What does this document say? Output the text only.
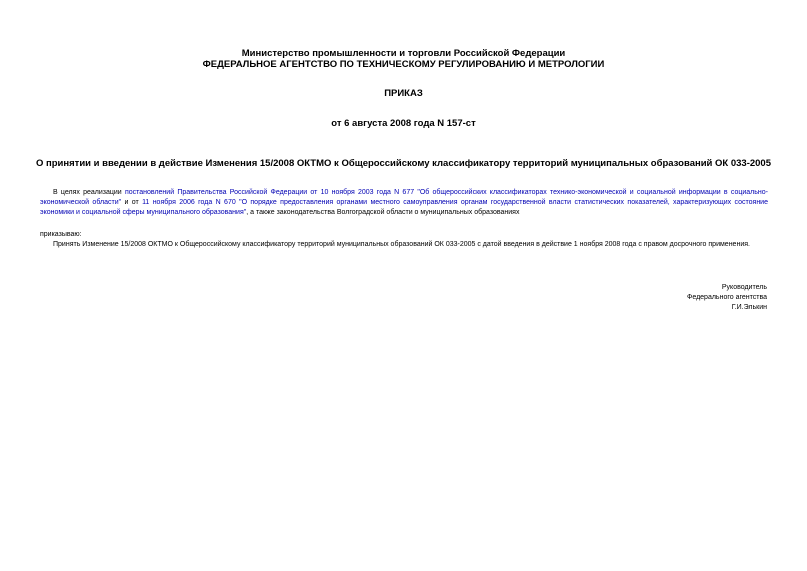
Министерство промышленности и торговли Российской Федерации
ФЕДЕРАЛЬНОЕ АГЕНТСТВО ПО ТЕХНИЧЕСКОМУ РЕГУЛИРОВАНИЮ И МЕТРОЛОГИИ
ПРИКАЗ
от 6 августа 2008 года N 157-ст
О принятии и введении в действие Изменения 15/2008 ОКТМО к Общероссийскому классификатору территорий муниципальных образований ОК 033-2005
В целях реализации постановлений Правительства Российской Федерации от 10 ноября 2003 года N 677 "Об общероссийских классификаторах технико-экономической и социальной информации в социально-экономической области" и от 11 ноября 2006 года N 670 "О порядке предоставления органами местного самоуправления органам государственной власти статистических показателей, характеризующих состояние экономики и социальной сферы муниципального образования", а также законодательства Волгоградской области о муниципальных образованиях
приказываю:
Принять Изменение 15/2008 ОКТМО к Общероссийскому классификатору территорий муниципальных образований ОК 033-2005 с датой введения в действие 1 ноября 2008 года с правом досрочного применения.
Руководитель
Федерального агентства
Г.И.Элькин
